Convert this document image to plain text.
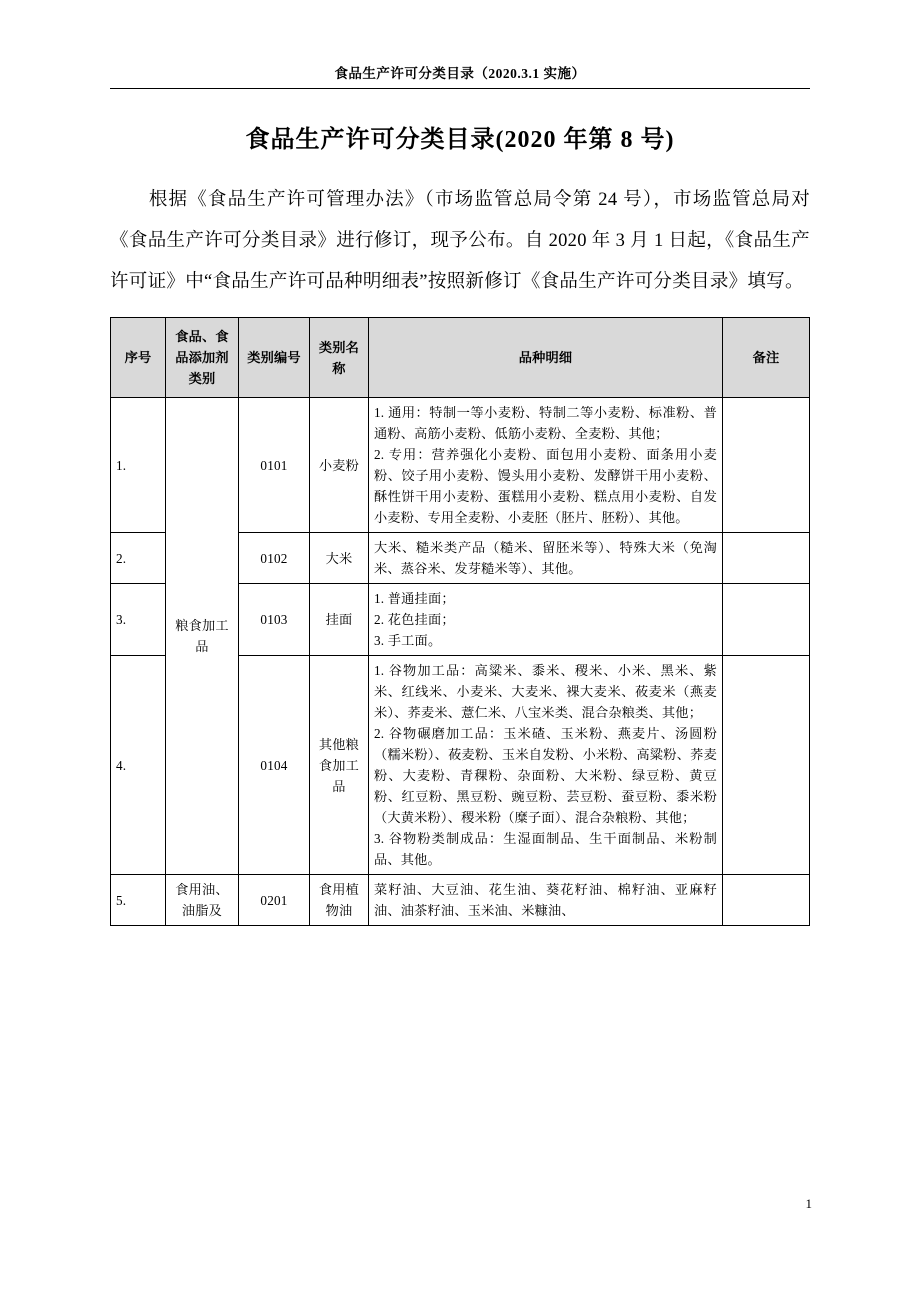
食品生产许可分类目录（2020.3.1 实施）
食品生产许可分类目录(2020 年第 8 号)

根据《食品生产许可管理办法》（市场监管总局令第 24 号），市场监管总局对《食品生产许可分类目录》进行修订，现予公布。自 2020 年 3 月 1 日起，《食品生产许可证》中“食品生产许可品种明细表”按照新修订《食品生产许可分类目录》填写。

序号	食品、食品添加剂类别	类别编号	类别名称	品种明细	备注
1.	粮食加工品	0101	小麦粉	1. 通用：特制一等小麦粉、特制二等小麦粉、标准粉、普通粉、高筋小麦粉、低筋小麦粉、全麦粉、其他；

2. 专用：营养强化小麦粉、面包用小麦粉、面条用小麦粉、饺子用小麦粉、馒头用小麦粉、发酵饼干用小麦粉、酥性饼干用小麦粉、蛋糕用小麦粉、糕点用小麦粉、自发小麦粉、专用全麦粉、小麦胚（胚片、胚粉）、其他。	

2.		0102	大米	大米、糙米类产品（糙米、留胚米等）、特殊大米（免淘米、蒸谷米、发芽糙米等）、其他。	

3.		0103	挂面	1. 普通挂面；

2. 花色挂面；

3. 手工面。	

4.		0104	其他粮食加工品	1. 谷物加工品：高粱米、黍米、稷米、小米、黑米、紫米、红线米、小麦米、大麦米、裸大麦米、莜麦米（燕麦米）、荞麦米、薏仁米、八宝米类、混合杂粮类、其他；

2. 谷物碾磨加工品：玉米碴、玉米粉、燕麦片、汤圆粉（糯米粉）、莜麦粉、玉米自发粉、小米粉、高粱粉、荞麦粉、大麦粉、青稞粉、杂面粉、大米粉、绿豆粉、黄豆粉、红豆粉、黑豆粉、豌豆粉、芸豆粉、蚕豆粉、黍米粉（大黄米粉）、稷米粉（糜子面）、混合杂粮粉、其他；

3. 谷物粉类制成品：生湿面制品、生干面制品、米粉制品、其他。	

5.	食用油、油脂及	0201	食用植物油	菜籽油、大豆油、花生油、葵花籽油、棉籽油、亚麻籽油、油茶籽油、玉米油、米糠油、	

1
